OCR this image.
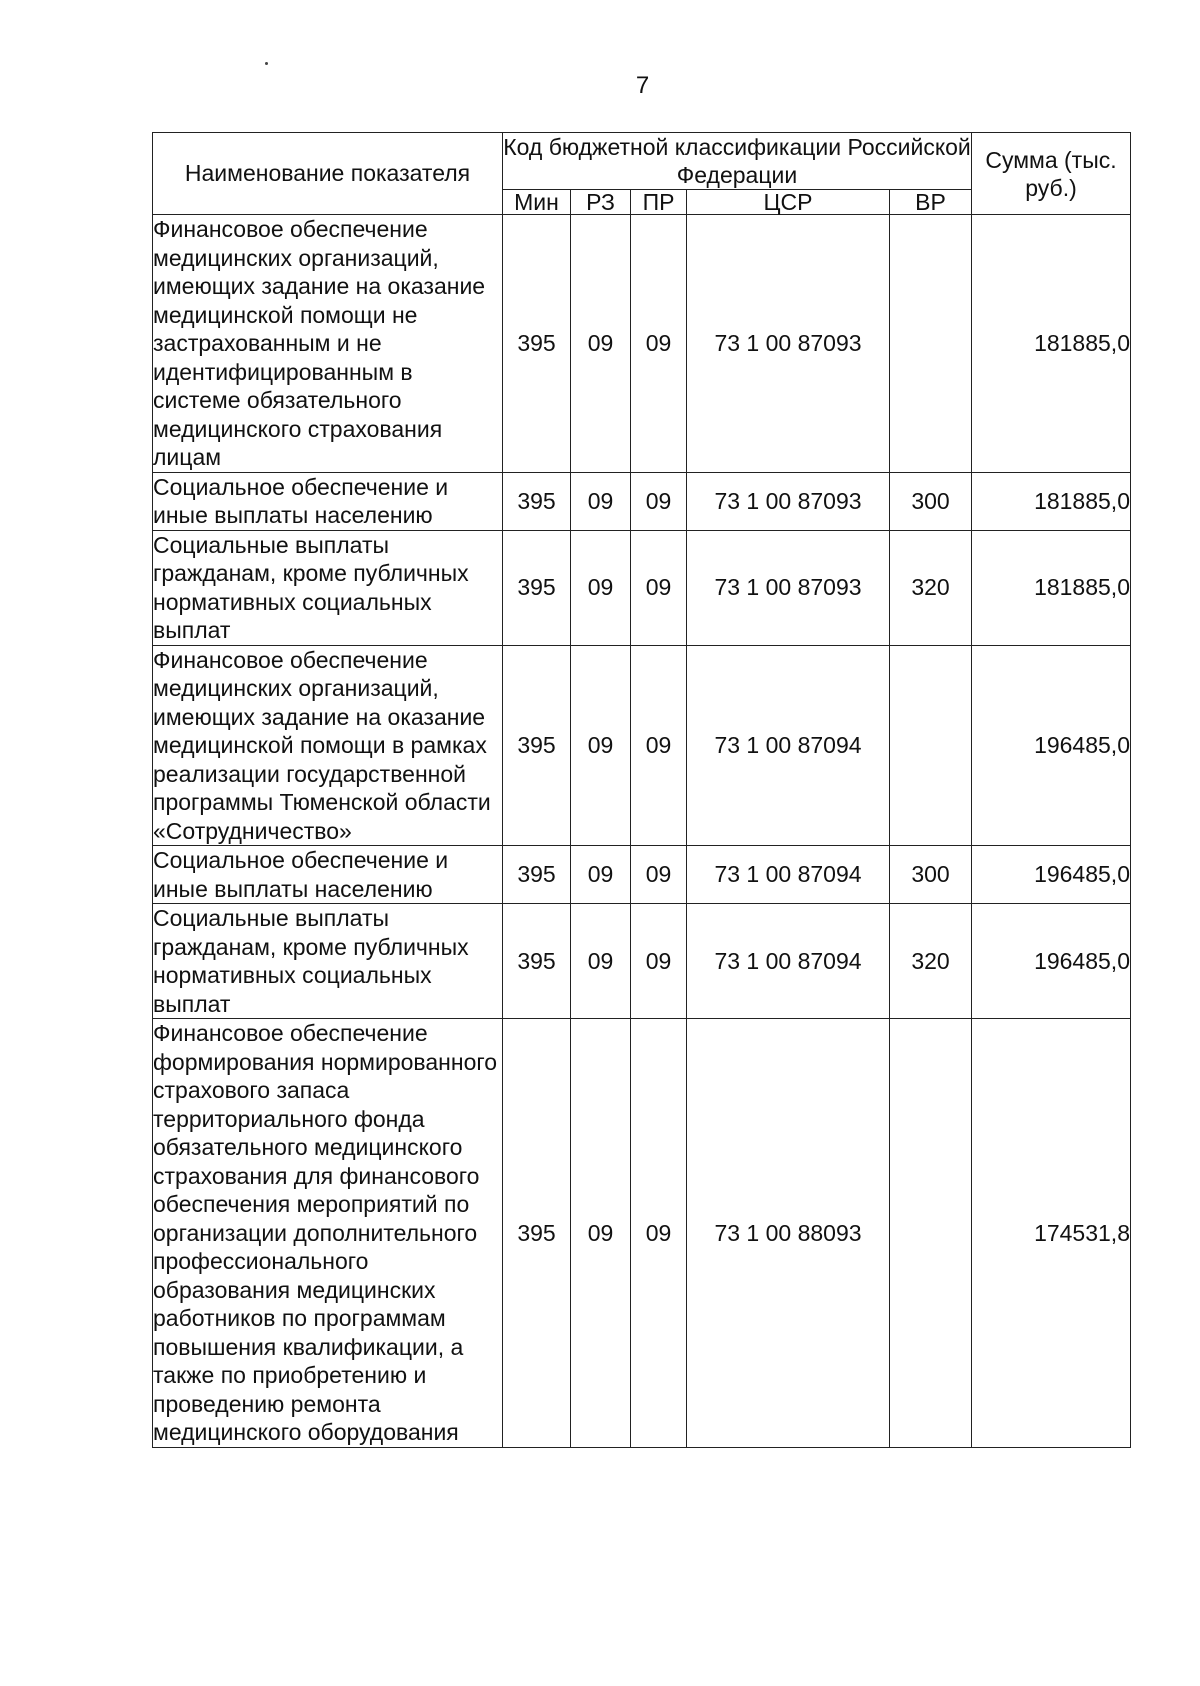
7
Наименование показателя	Код бюджетной классификации Российской Федерации					Сумма (тыс. руб.)
	Мин	РЗ	ПР	ЦСР	ВР	
Финансовое обеспечение медицинских организаций, имеющих задание на оказание медицинской помощи не застрахованным и не идентифицированным в системе обязательного медицинского страхования лицам	395	09	09	73 1 00 87093		181885,0
Социальное обеспечение и иные выплаты населению	395	09	09	73 1 00 87093	300	181885,0
Социальные выплаты гражданам, кроме публичных нормативных социальных выплат	395	09	09	73 1 00 87093	320	181885,0
Финансовое обеспечение медицинских организаций, имеющих задание на оказание медицинской помощи в рамках реализации государственной программы Тюменской области «Сотрудничество»	395	09	09	73 1 00 87094		196485,0
Социальное обеспечение и иные выплаты населению	395	09	09	73 1 00 87094	300	196485,0
Социальные выплаты гражданам, кроме публичных нормативных социальных выплат	395	09	09	73 1 00 87094	320	196485,0
Финансовое обеспечение формирования нормированного страхового запаса территориального фонда обязательного медицинского страхования для финансового обеспечения мероприятий по организации дополнительного профессионального образования медицинских работников по программам повышения квалификации, а также по приобретению и проведению ремонта медицинского оборудования	395	09	09	73 1 00 88093		174531,8
